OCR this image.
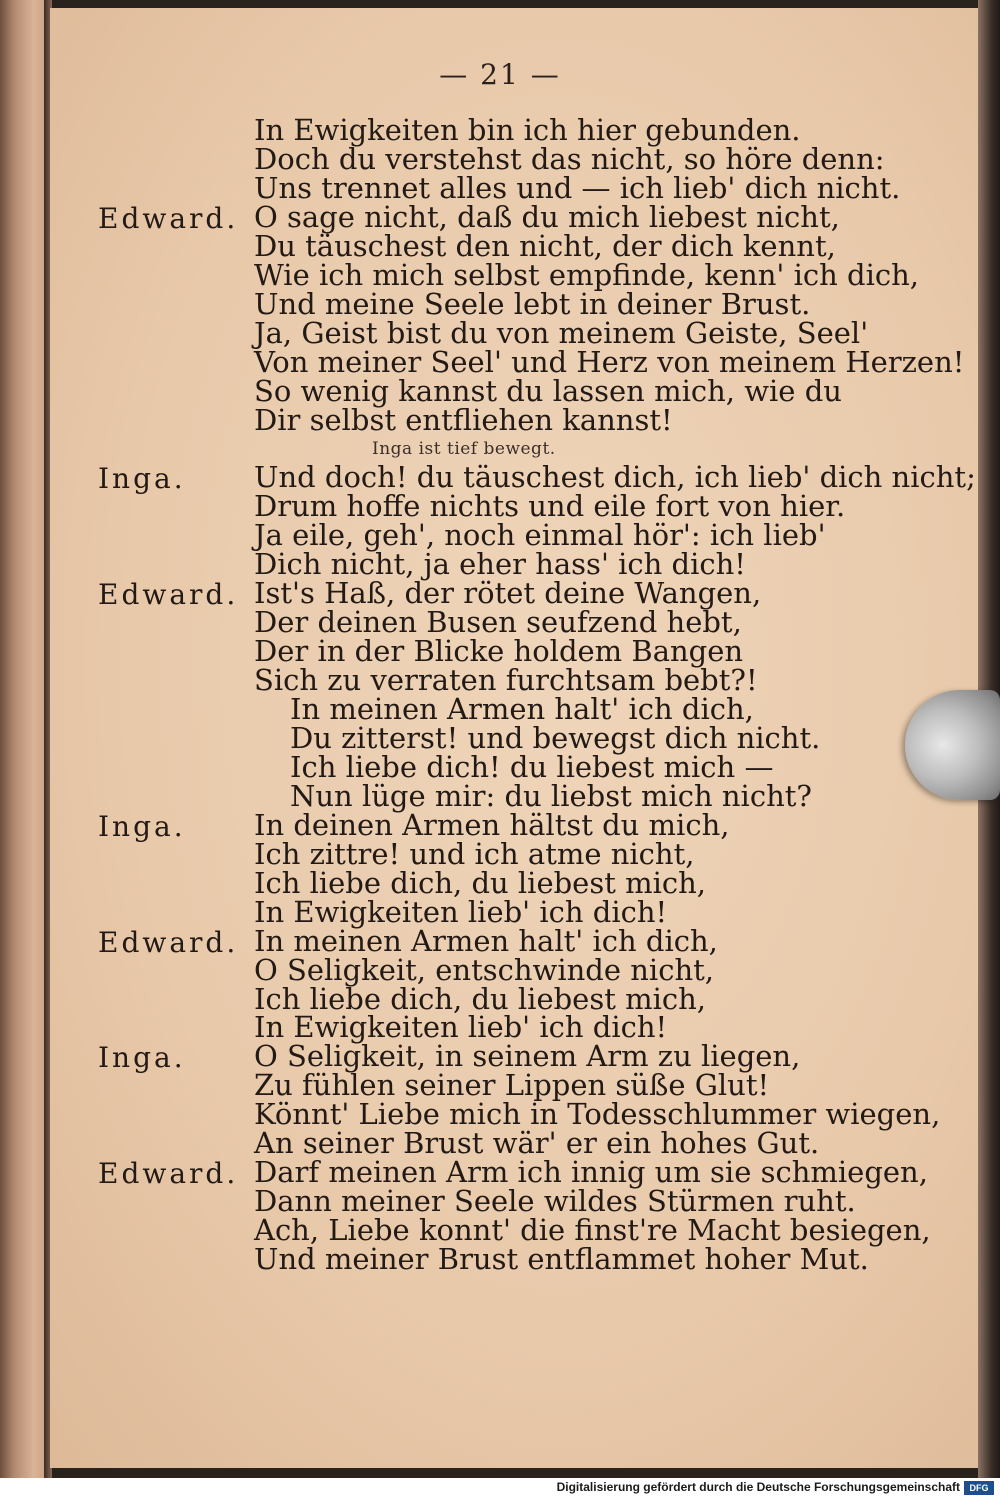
— 21 —
In Ewigkeiten bin ich hier gebunden.
Doch du verstehst das nicht, so höre denn:
Uns trennet alles und — ich lieb' dich nicht.
Edward. O sage nicht, daß du mich liebest nicht,
Du täuschest den nicht, der dich kennt,
Wie ich mich selbst empfinde, kenn' ich dich,
Und meine Seele lebt in deiner Brust.
Ja, Geist bist du von meinem Geiste, Seel'
Von meiner Seel' und Herz von meinem Herzen!
So wenig kannst du lassen mich, wie du
Dir selbst entfliehen kannst!
Inga ist tief bewegt.
Inga. Und doch! du täuschest dich, ich lieb' dich nicht;
Drum hoffe nichts und eile fort von hier.
Ja eile, geh', noch einmal hör': ich lieb'
Dich nicht, ja eher hass' ich dich!
Edward. Ist's Haß, der rötet deine Wangen,
Der deinen Busen seufzend hebt,
Der in der Blicke holdem Bangen
Sich zu verraten furchtsam bebt?!
In meinen Armen halt' ich dich,
Du zitterst! und bewegst dich nicht.
Ich liebe dich! du liebest mich —
Nun lüge mir: du liebst mich nicht?
Inga. In deinen Armen hältst du mich,
Ich zittre! und ich atme nicht,
Ich liebe dich, du liebest mich,
In Ewigkeiten lieb' ich dich!
Edward. In meinen Armen halt' ich dich,
O Seligkeit, entschwinde nicht,
Ich liebe dich, du liebest mich,
In Ewigkeiten lieb' ich dich!
Inga. O Seligkeit, in seinem Arm zu liegen,
Zu fühlen seiner Lippen süße Glut!
Könnt' Liebe mich in Todesschlummer wiegen,
An seiner Brust wär' er ein hohes Gut.
Edward. Darf meinen Arm ich innig um sie schmiegen,
Dann meiner Seele wildes Stürmen ruht.
Ach, Liebe konnt' die finst're Macht besiegen,
Und meiner Brust entflammet hoher Mut.
Digitalisierung gefördert durch die Deutsche Forschungsgemeinschaft	DFG
